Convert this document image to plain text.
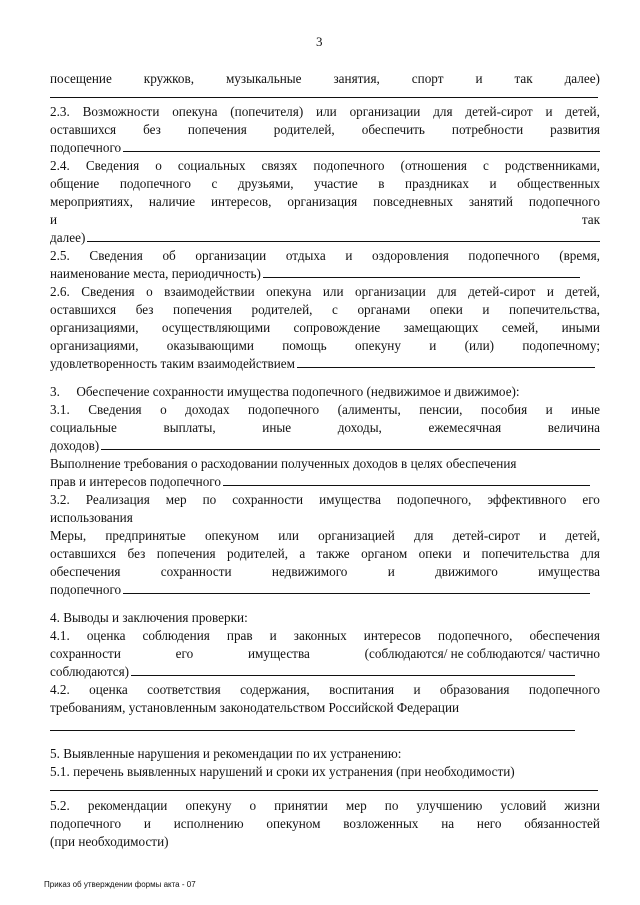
3
посещение кружков, музыкальные занятия, спорт и так далее)
2.3. Возможности опекуна (попечителя) или организации для детей-сирот и детей,
оставшихся без попечения родителей, обеспечить потребности развития
подопечного
2.4. Сведения о социальных связях подопечного (отношения с родственниками,
общение подопечного с друзьями, участие в праздниках и общественных
мероприятиях, наличие интересов, организация повседневных занятий подопечного
и	так
далее)
2.5. Сведения об организации отдыха и оздоровления подопечного (время,
наименование места, периодичность)
2.6. Сведения о взаимодействии опекуна или организации для детей-сирот и детей,
оставшихся без попечения родителей, с органами опеки и попечительства,
организациями, осуществляющими сопровождение замещающих семей, иными
организациями, оказывающими помощь опекуну и (или) подопечному;
удовлетворенность таким взаимодействием
3.     Обеспечение сохранности имущества подопечного (недвижимое и движимое):
3.1. Сведения о доходах подопечного (алименты, пенсии, пособия и иные
социальные	выплаты,	иные	доходы,	ежемесячная	величина
доходов)
Выполнение требования о расходовании полученных доходов в целях обеспечения
прав и интересов подопечного
3.2. Реализация мер по сохранности имущества подопечного, эффективного его
использования
Меры, предпринятые опекуном или организацией для детей-сирот и детей,
оставшихся без попечения родителей, а также органом опеки и попечительства для
обеспечения	сохранности	недвижимого	и	движимого	имущества
подопечного
4. Выводы и заключения проверки:
4.1. оценка соблюдения прав и законных интересов подопечного, обеспечения
сохранности	его	имущества	(соблюдаются/ не соблюдаются/ частично
соблюдаются)
4.2. оценка соответствия содержания, воспитания и образования подопечного
требованиям, установленным законодательством Российской Федерации
5. Выявленные нарушения и рекомендации по их устранению:
5.1. перечень выявленных нарушений и сроки их устранения (при необходимости)
5.2. рекомендации опекуну о принятии мер по улучшению условий жизни
подопечного и исполнению опекуном возложенных на него обязанностей
(при необходимости)
Приказ об утверждении формы акта - 07
